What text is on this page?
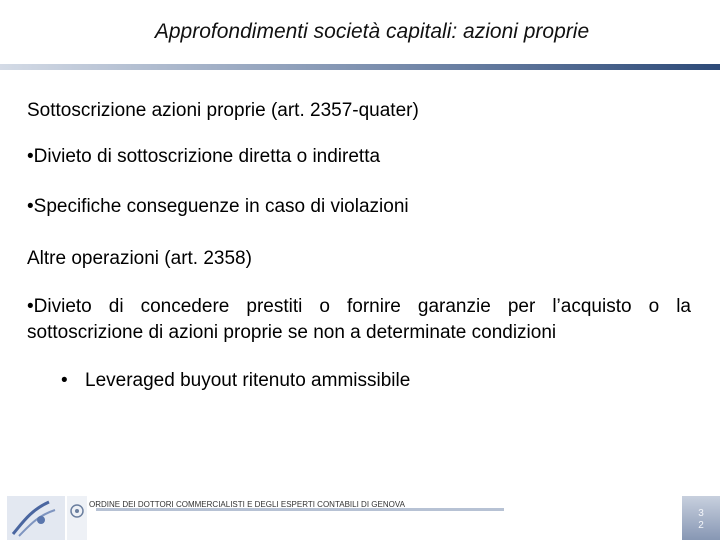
Approfondimenti società capitali: azioni proprie

Sottoscrizione azioni proprie (art. 2357-quater)

•Divieto di sottoscrizione diretta o indiretta

•Specifiche conseguenze in caso di violazioni

Altre operazioni (art. 2358)

•Divieto di concedere prestiti o fornire garanzie per l’acquisto o la sottoscrizione di azioni proprie se non a determinate condizioni

• Leveraged buyout ritenuto ammissibile

ORDINE DEI DOTTORI COMMERCIALISTI E DEGLI ESPERTI CONTABILI DI GENOVA
3
2
